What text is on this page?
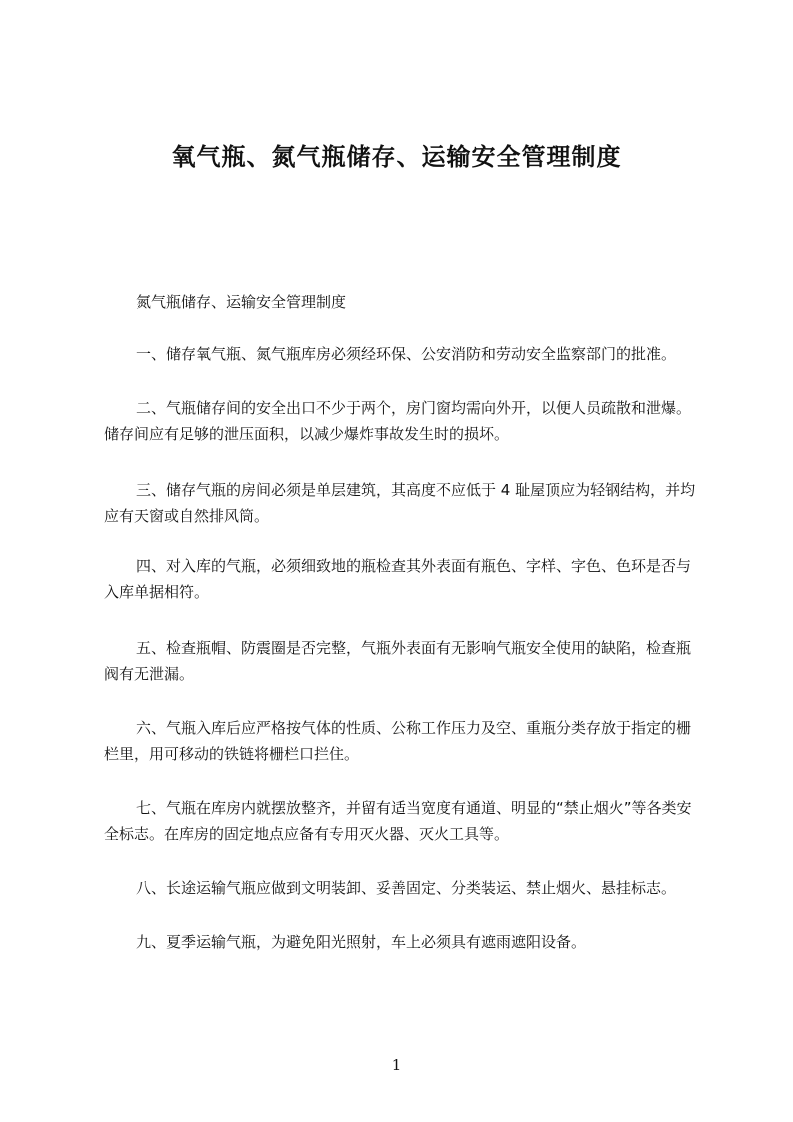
氧气瓶、氮气瓶储存、运输安全管理制度
氮气瓶储存、运输安全管理制度
一、储存氧气瓶、氮气瓶库房必须经环保、公安消防和劳动安全监察部门的批准。
二、气瓶储存间的安全出口不少于两个，房门窗均需向外开，以便人员疏散和泄爆。储存间应有足够的泄压面积，以减少爆炸事故发生时的损坏。
三、储存气瓶的房间必须是单层建筑，其高度不应低于 4 耻屋顶应为轻钢结构，并均应有天窗或自然排风筒。
四、对入库的气瓶，必须细致地的瓶检查其外表面有瓶色、字样、字色、色环是否与入库单据相符。
五、检查瓶帽、防震圈是否完整，气瓶外表面有无影响气瓶安全使用的缺陷，检查瓶阀有无泄漏。
六、气瓶入库后应严格按气体的性质、公称工作压力及空、重瓶分类存放于指定的栅栏里，用可移动的铁链将栅栏口拦住。
七、气瓶在库房内就摆放整齐，并留有适当宽度有通道、明显的“禁止烟火”等各类安全标志。在库房的固定地点应备有专用灭火器、灭火工具等。
八、长途运输气瓶应做到文明装卸、妥善固定、分类装运、禁止烟火、悬挂标志。
九、夏季运输气瓶，为避免阳光照射，车上必须具有遮雨遮阳设备。
1
